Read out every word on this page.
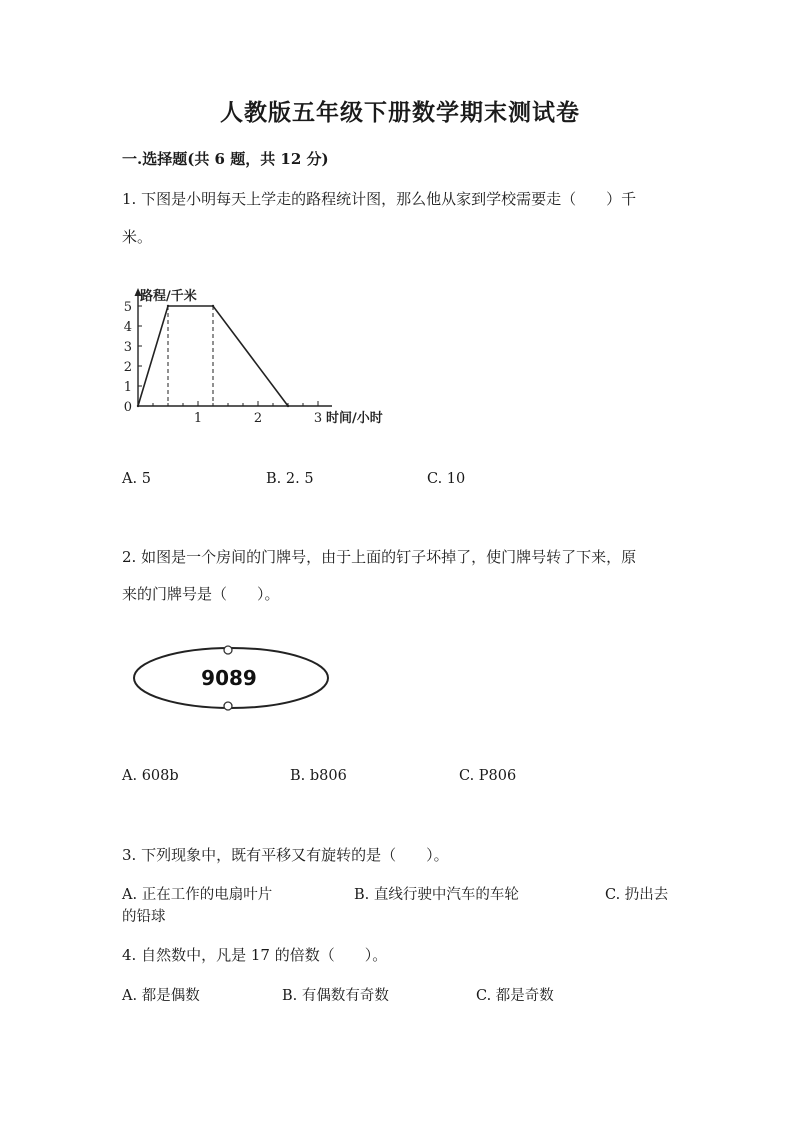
人教版五年级下册数学期末测试卷
一.选择题(共 6 题，共 12 分)
1. 下图是小明每天上学走的路程统计图，那么他从家到学校需要走（　　）千
米。
0
1
2
3
4
5
1	2	3
路程/千米
时间/小时
A. 5	B. 2. 5	C. 10
2. 如图是一个房间的门牌号，由于上面的钉子坏掉了，使门牌号转了下来，原
来的门牌号是（　　）。
9089
A. 608b	B. b806	C. P806
3. 下列现象中，既有平移又有旋转的是（　　）。
A. 正在工作的电扇叶片	B. 直线行驶中汽车的车轮	C. 扔出去
的铅球
4. 自然数中，凡是 17 的倍数（　　）。
A. 都是偶数	B. 有偶数有奇数	C. 都是奇数
